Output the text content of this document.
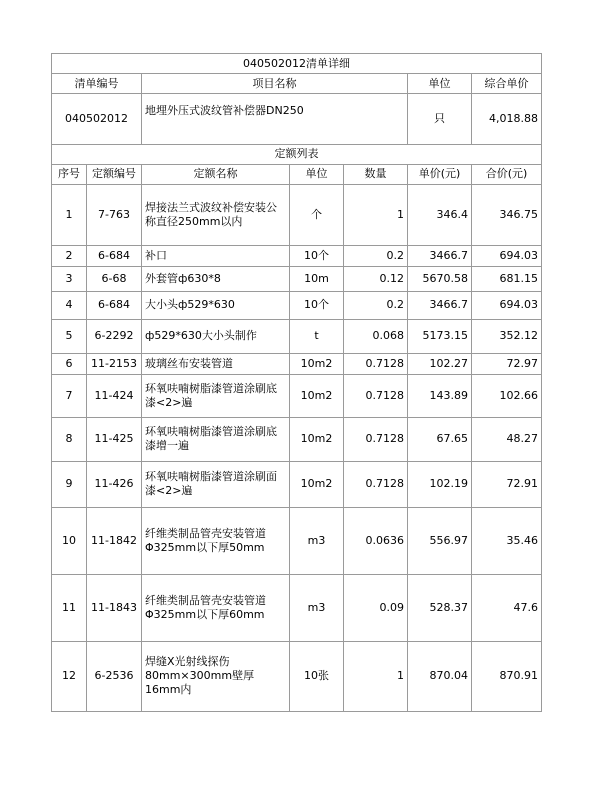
040502012清单详细			
清单编号	项目名称	单位	综合单价
040502012	地埋外压式波纹管补偿器DN250	只	4,018.88
定额列表						
序号	定额编号	定额名称	单位	数量	单价(元)	合价(元)
1	7-763	焊接法兰式波纹补偿安装公称直径250mm以内	个	1	346.4	346.75
2	6-684	补口	10个	0.2	3466.7	694.03
3	6-68	外套管ф630*8	10m	0.12	5670.58	681.15
4	6-684	大小头ф529*630	10个	0.2	3466.7	694.03
5	6-2292	ф529*630大小头制作	t	0.068	5173.15	352.12
6	11-2153	玻璃丝布安装管道	10m2	0.7128	102.27	72.97
7	11-424	环氧呋喃树脂漆管道涂刷底漆<2>遍	10m2	0.7128	143.89	102.66
8	11-425	环氧呋喃树脂漆管道涂刷底漆增一遍	10m2	0.7128	67.65	48.27
9	11-426	环氧呋喃树脂漆管道涂刷面漆<2>遍	10m2	0.7128	102.19	72.91
10	11-1842	纤维类制品管壳安装管道Φ325mm以下厚50mm	m3	0.0636	556.97	35.46
11	11-1843	纤维类制品管壳安装管道Φ325mm以下厚60mm	m3	0.09	528.37	47.6
12	6-2536	焊缝X光射线探伤80mm×300mm壁厚16mm内	10张	1	870.04	870.91
